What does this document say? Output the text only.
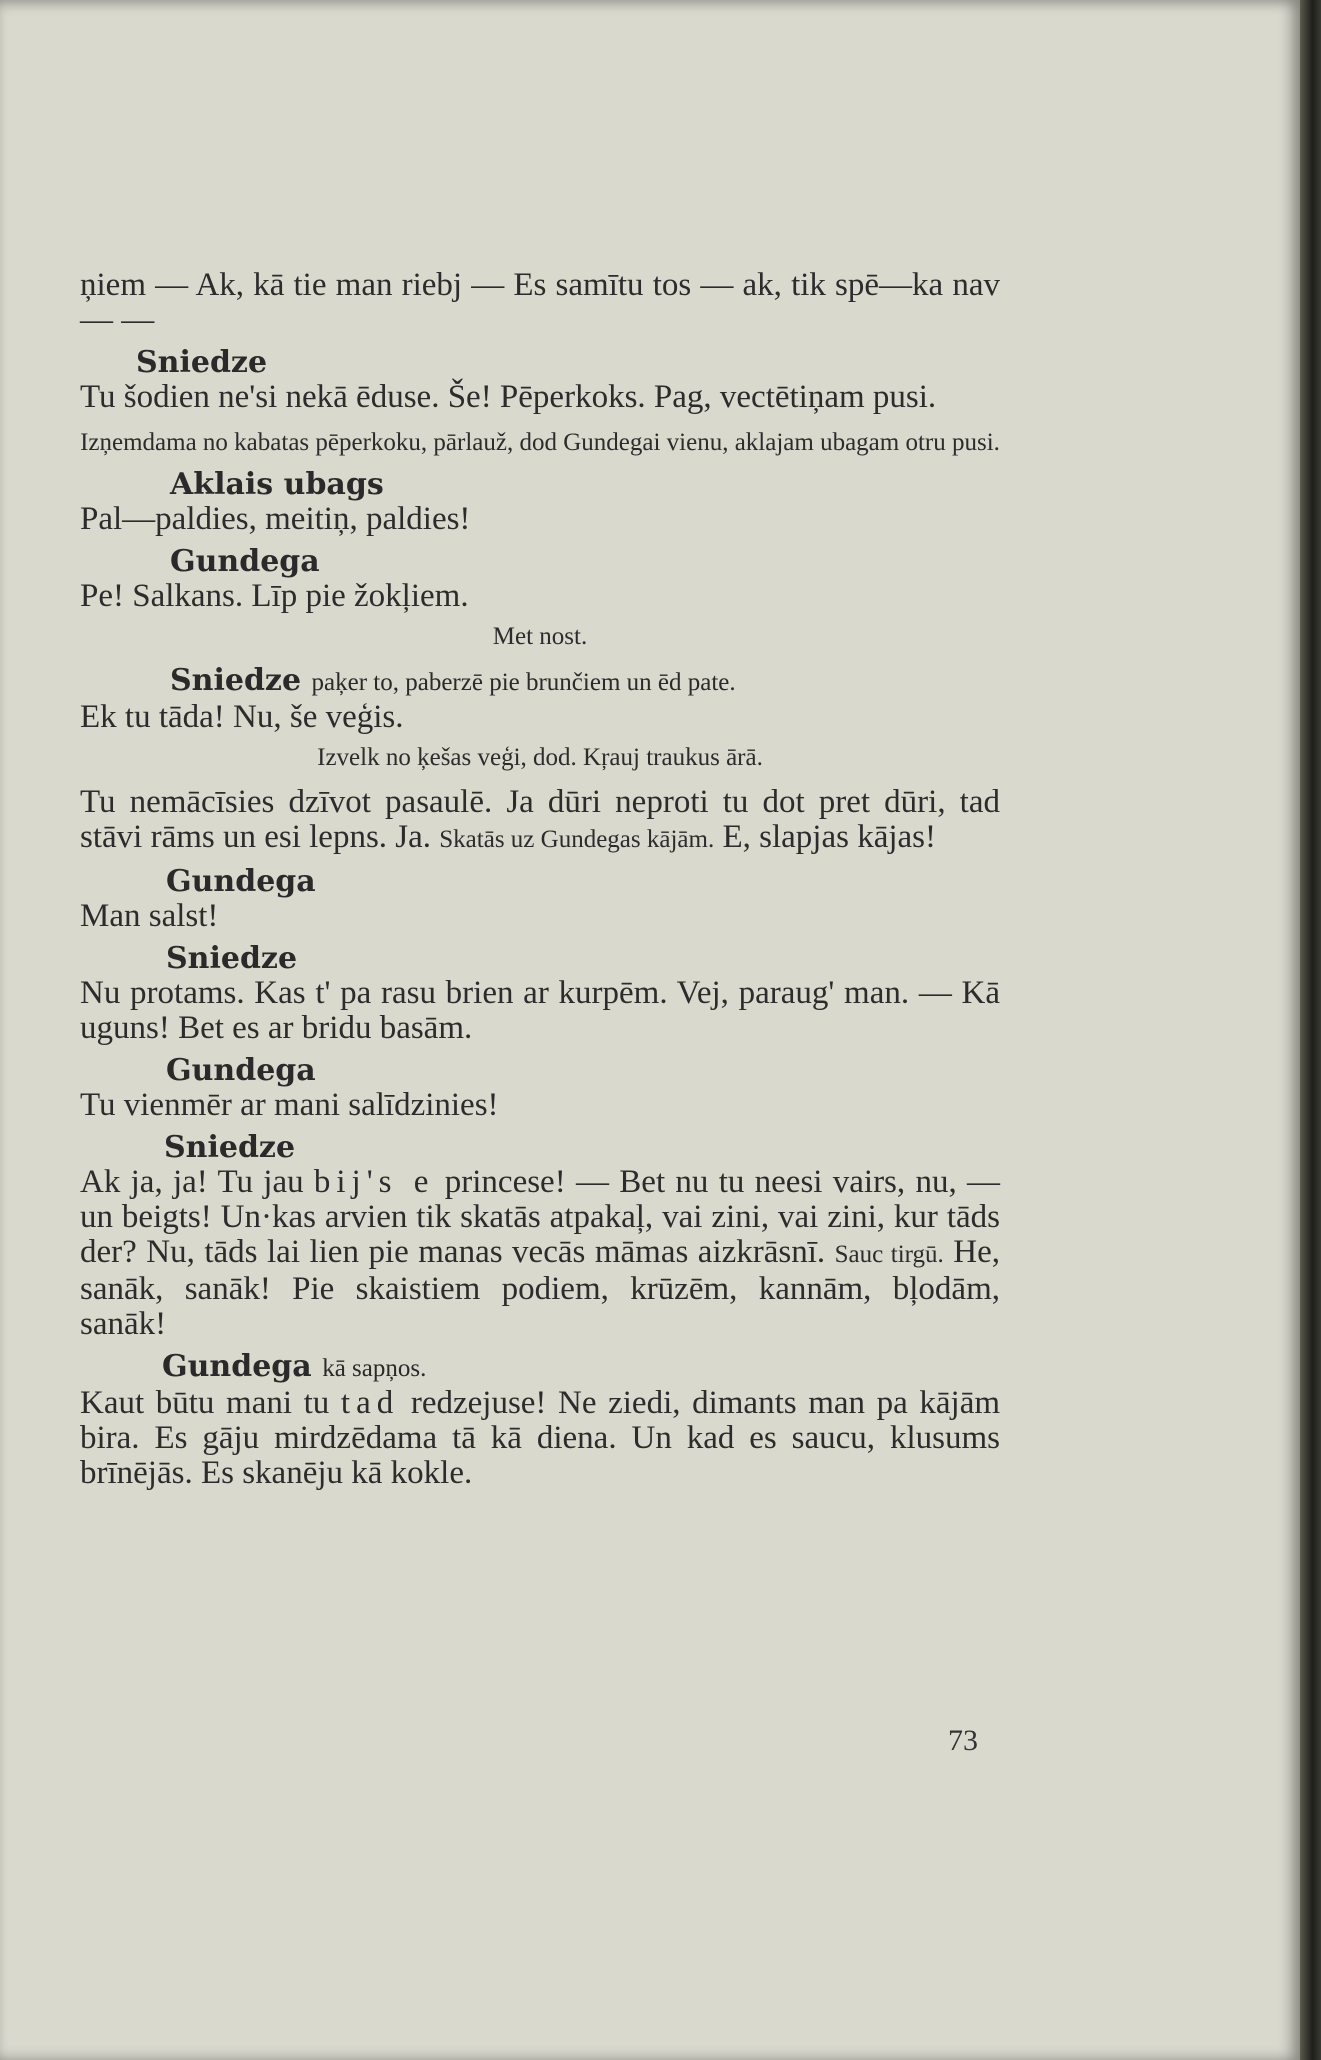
ņiem — Ak, kā tie man riebj — Es samītu tos — ak, tik spē—ka nav — —

Sniedze

Tu šodien ne'si nekā ēduse. Še! Pēperkoks. Pag, vectētiņam pusi.

Izņemdama no kabatas pēperkoku, pārlauž, dod Gundegai vienu, aklajam ubagam otru pusi.

Aklais ubags

Pal—paldies, meitiņ, paldies!

Gundega

Pe! Salkans. Līp pie žokļiem.

Met nost.

Sniedze paķer to, paberzē pie brunčiem un ēd pate.

Ek tu tāda! Nu, še veģis.

Izvelk no ķešas veģi, dod. Kŗauj traukus ārā.

Tu nemācīsies dzīvot pasaulē. Ja dūri neproti tu dot pret dūri, tad stāvi rāms un esi lepns. Ja. Skatās uz Gundegas kājām. E, slapjas kājas!

Gundega

Man salst!

Sniedze

Nu protams. Kas t' pa rasu brien ar kurpēm. Vej, paraug' man. — Kā uguns! Bet es ar bridu basām.

Gundega

Tu vienmēr ar mani salīdzinies!

Sniedze

Ak ja, ja! Tu jau bij's e princese! — Bet nu tu neesi vairs, nu, — un beigts! Un·kas arvien tik skatās atpakaļ, vai zini, vai zini, kur tāds der? Nu, tāds lai lien pie manas vecās māmas aizkrāsnī. Sauc tirgū. He, sanāk, sanāk! Pie skaistiem podiem, krūzēm, kannām, bļodām, sanāk!

Gundega kā sapņos.

Kaut būtu mani tu tad redzejuse! Ne ziedi, dimants man pa kājām bira. Es gāju mirdzēdama tā kā diena. Un kad es saucu, klusums brīnējās. Es skanēju kā kokle.

73
